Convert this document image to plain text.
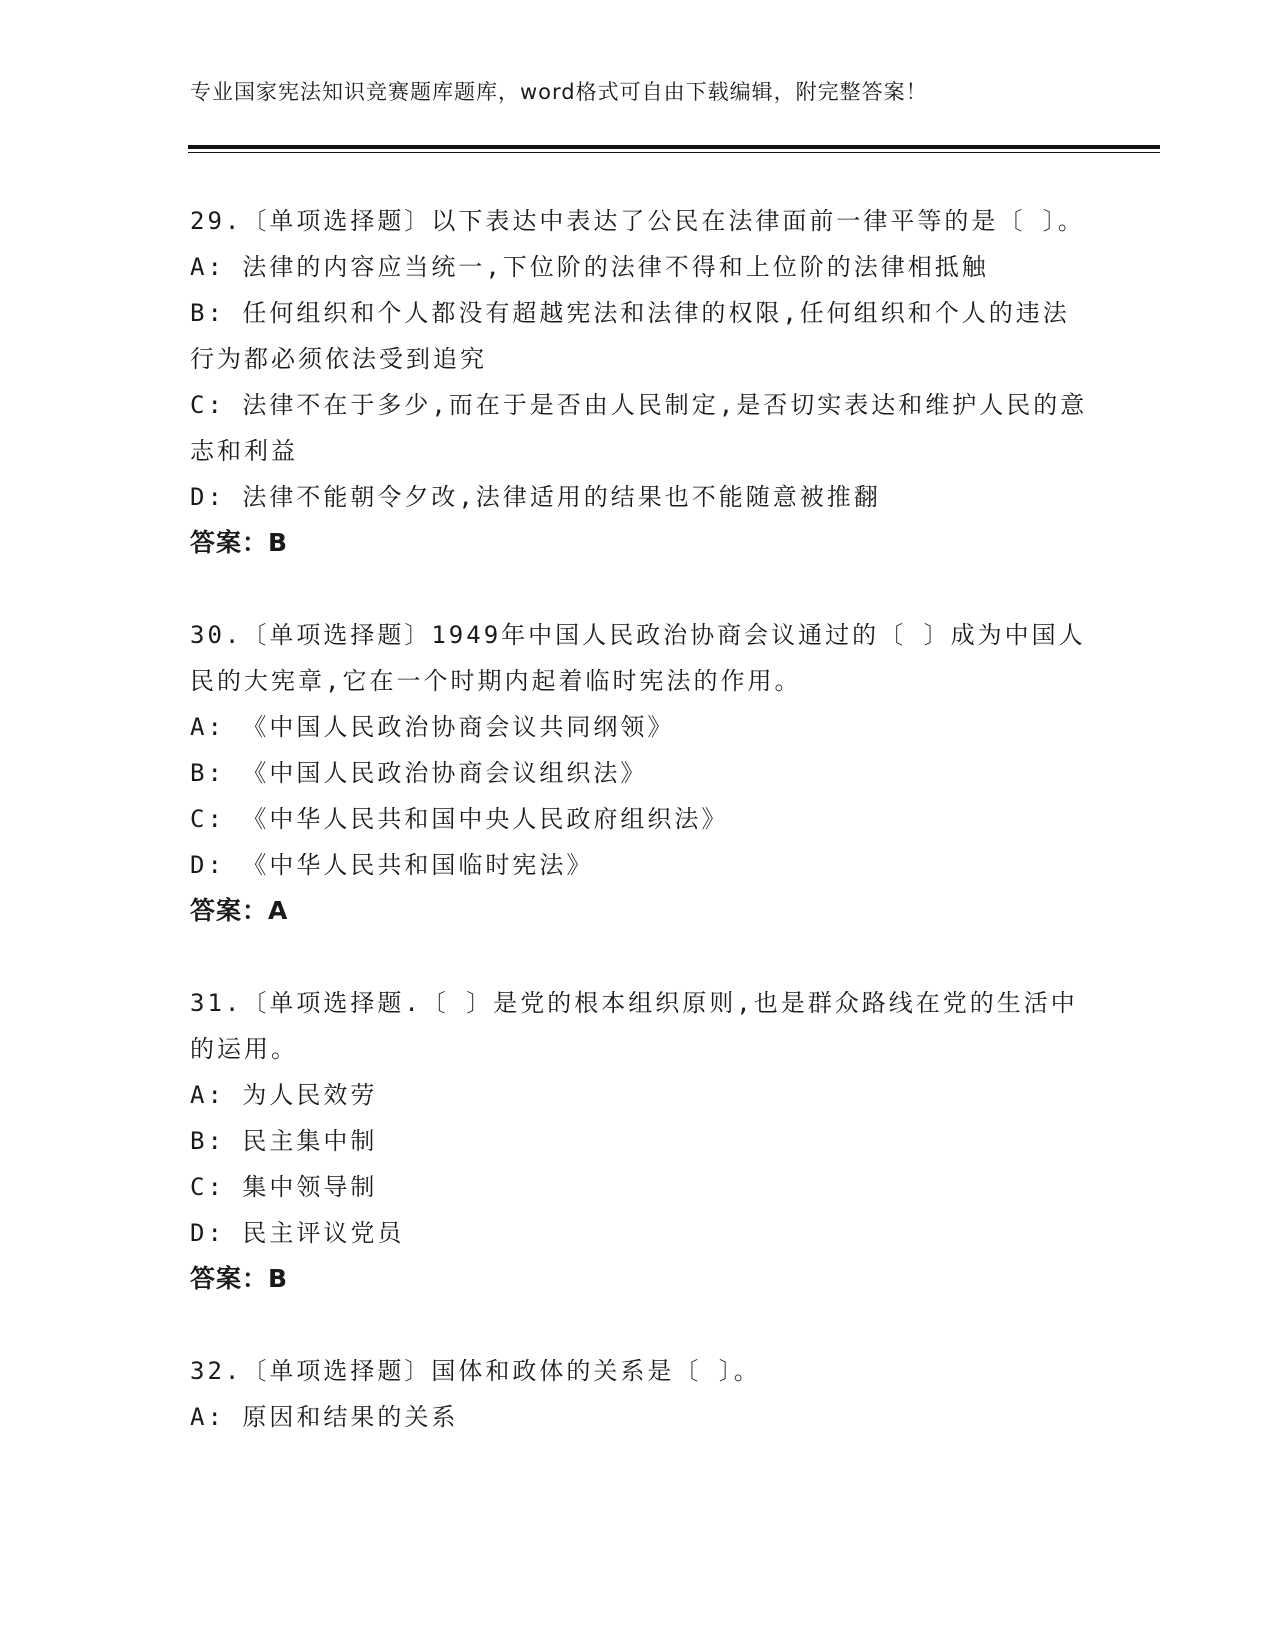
专业国家宪法知识竞赛题库题库，word格式可自由下载编辑，附完整答案！

29.〔单项选择题〕以下表达中表达了公民在法律面前一律平等的是〔 〕。

A: 法律的内容应当统一,下位阶的法律不得和上位阶的法律相抵触

B: 任何组织和个人都没有超越宪法和法律的权限,任何组织和个人的违法行为都必须依法受到追究

C: 法律不在于多少,而在于是否由人民制定,是否切实表达和维护人民的意志和利益

D: 法律不能朝令夕改,法律适用的结果也不能随意被推翻

答案：B

30.〔单项选择题〕1949年中国人民政治协商会议通过的〔 〕成为中国人民的大宪章,它在一个时期内起着临时宪法的作用。

A: 《中国人民政治协商会议共同纲领》

B: 《中国人民政治协商会议组织法》

C: 《中华人民共和国中央人民政府组织法》

D: 《中华人民共和国临时宪法》

答案：A

31.〔单项选择题.〔 〕是党的根本组织原则,也是群众路线在党的生活中的运用。

A: 为人民效劳

B: 民主集中制

C: 集中领导制

D: 民主评议党员

答案：B

32.〔单项选择题〕国体和政体的关系是〔 〕。

A: 原因和结果的关系
